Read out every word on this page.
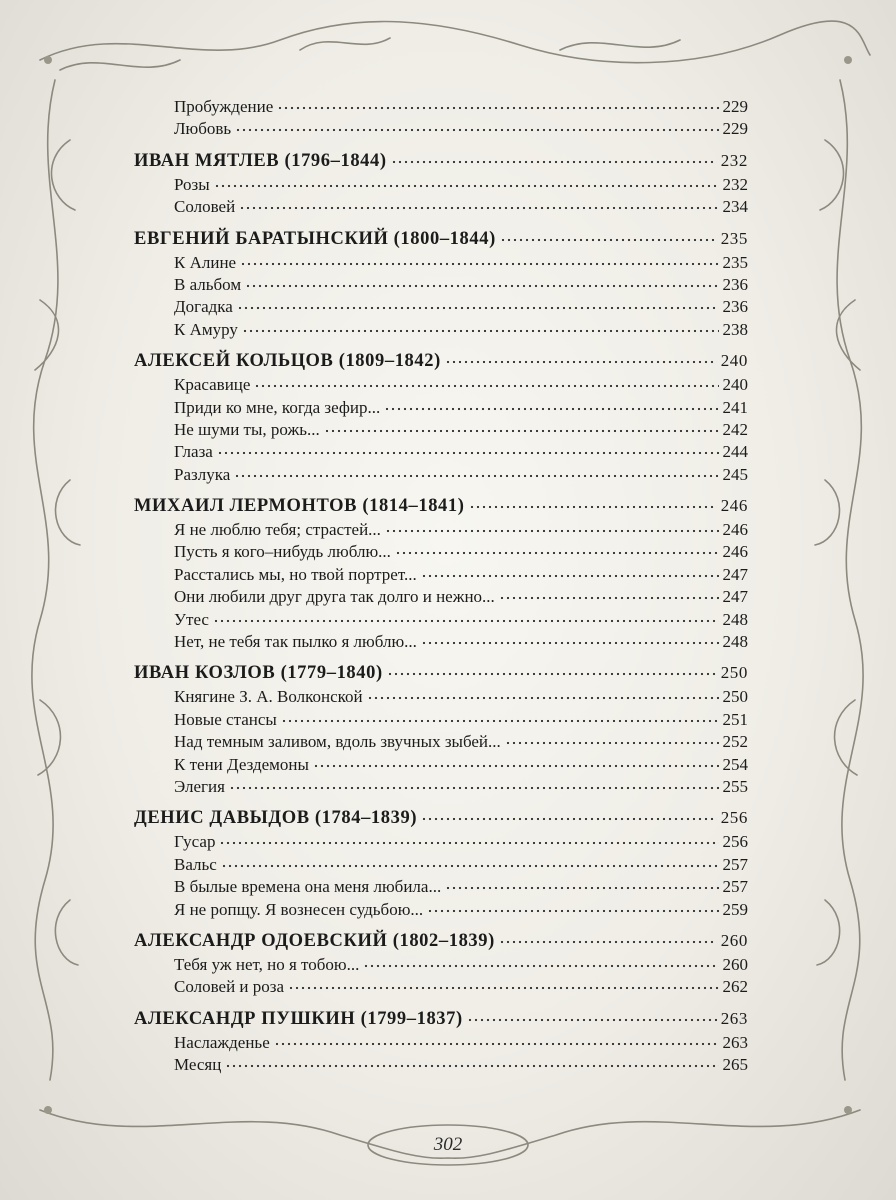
Пробуждение	229
Любовь	229
ИВАН МЯТЛЕВ (1796–1844)	232
Розы	232
Соловей	234
ЕВГЕНИЙ БАРАТЫНСКИЙ (1800–1844)	235
К Алине	235
В альбом	236
Догадка	236
К Амуру	238
АЛЕКСЕЙ КОЛЬЦОВ (1809–1842)	240
Красавице	240
Приди ко мне, когда зефир...	241
Не шуми ты, рожь...	242
Глаза	244
Разлука	245
МИХАИЛ ЛЕРМОНТОВ (1814–1841)	246
Я не люблю тебя; страстей...	246
Пусть я кого–нибудь люблю...	246
Расстались мы, но твой портрет...	247
Они любили друг друга так долго и нежно...	247
Утес	248
Нет, не тебя так пылко я люблю...	248
ИВАН КОЗЛОВ (1779–1840)	250
Княгине З. А. Волконской	250
Новые стансы	251
Над темным заливом, вдоль звучных зыбей...	252
К тени Дездемоны	254
Элегия	255
ДЕНИС ДАВЫДОВ (1784–1839)	256
Гусар	256
Вальс	257
В былые времена она меня любила...	257
Я не ропщу. Я вознесен судьбою...	259
АЛЕКСАНДР ОДОЕВСКИЙ (1802–1839)	260
Тебя уж нет, но я тобою...	260
Соловей и роза	262
АЛЕКСАНДР ПУШКИН (1799–1837)	263
Наслажденье	263
Месяц	265
302
